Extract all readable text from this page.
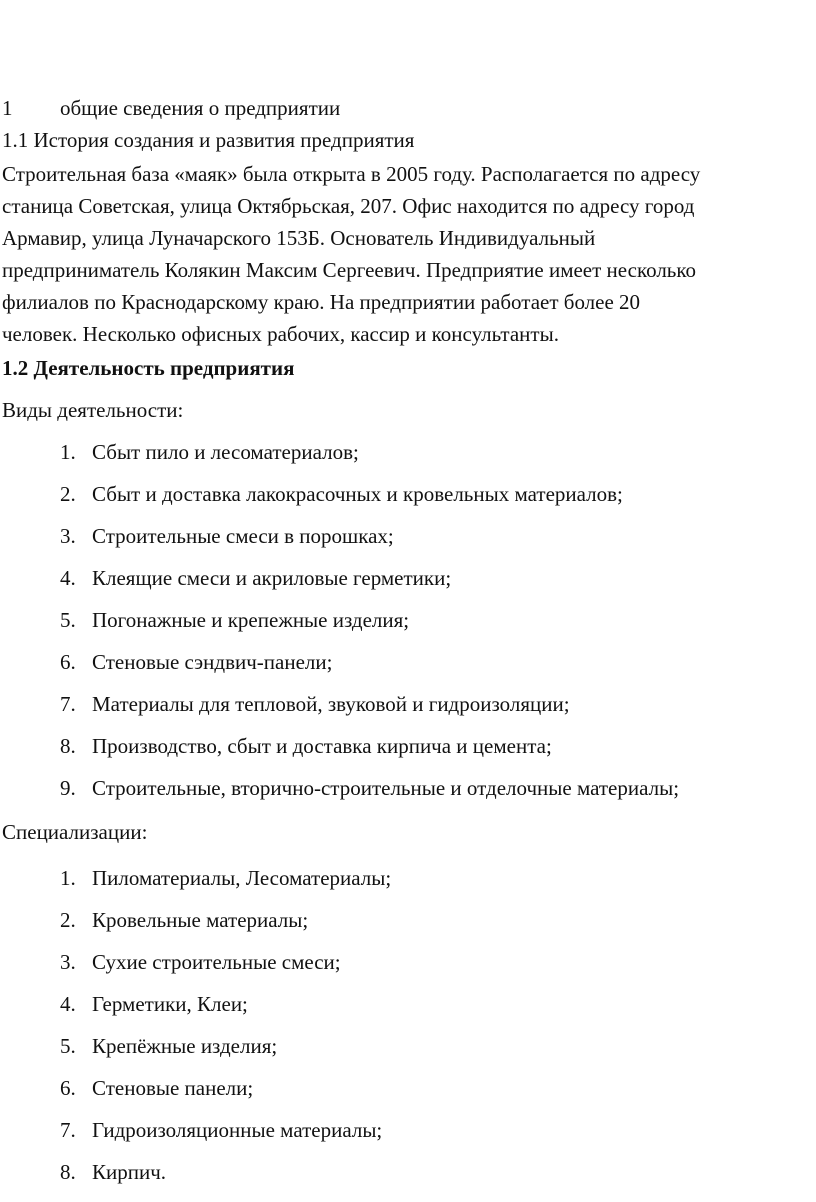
1 общие сведения о предприятии
1.1 История создания и развития предприятия
Строительная база «маяк» была открыта в 2005 году. Располагается по адресу
станица Советская, улица Октябрьская, 207. Офис находится по адресу город
Армавир, улица Луначарского 153Б. Основатель Индивидуальный
предприниматель Колякин Максим Сергеевич. Предприятие имеет несколько
филиалов по Краснодарскому краю. На предприятии работает более 20
человек. Несколько офисных рабочих, кассир и консультанты.
1.2 Деятельность предприятия
Виды деятельности:
1. Сбыт пило и лесоматериалов;
2. Сбыт и доставка лакокрасочных и кровельных материалов;
3. Строительные смеси в порошках;
4. Клеящие смеси и акриловые герметики;
5. Погонажные и крепежные изделия;
6. Стеновые сэндвич-панели;
7. Материалы для тепловой, звуковой и гидроизоляции;
8. Производство, сбыт и доставка кирпича и цемента;
9. Строительные, вторично-строительные и отделочные материалы;
Специализации:
1. Пиломатериалы, Лесоматериалы;
2. Кровельные материалы;
3. Сухие строительные смеси;
4. Герметики, Клеи;
5. Крепёжные изделия;
6. Стеновые панели;
7. Гидроизоляционные материалы;
8. Кирпич.
